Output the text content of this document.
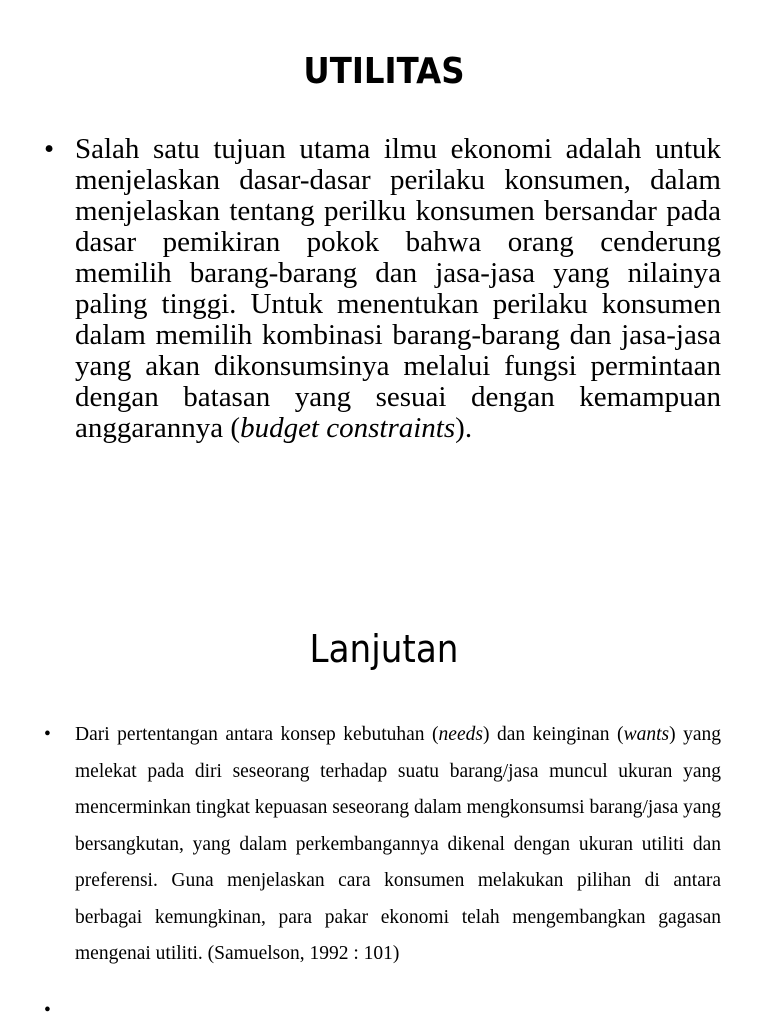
UTILITAS
• Salah satu tujuan utama ilmu ekonomi adalah untuk menjelaskan dasar-dasar perilaku konsumen, dalam menjelaskan tentang perilku konsumen bersandar pada dasar pemikiran pokok bahwa orang cenderung memilih barang-barang dan jasa-jasa yang nilainya paling tinggi. Untuk menentukan perilaku konsumen dalam memilih kombinasi barang-barang dan jasa-jasa yang akan dikonsumsinya melalui fungsi permintaan dengan batasan yang sesuai dengan kemampuan anggarannya (budget constraints).
Lanjutan
• Dari pertentangan antara konsep kebutuhan (needs) dan keinginan (wants) yang melekat pada diri seseorang terhadap suatu barang/jasa muncul ukuran yang mencerminkan tingkat kepuasan seseorang dalam mengkonsumsi barang/jasa yang bersangkutan, yang dalam perkembangannya dikenal dengan ukuran utiliti dan preferensi. Guna menjelaskan cara konsumen melakukan pilihan di antara berbagai kemungkinan, para pakar ekonomi telah mengembangkan gagasan mengenai utiliti. (Samuelson, 1992 : 101)
•
